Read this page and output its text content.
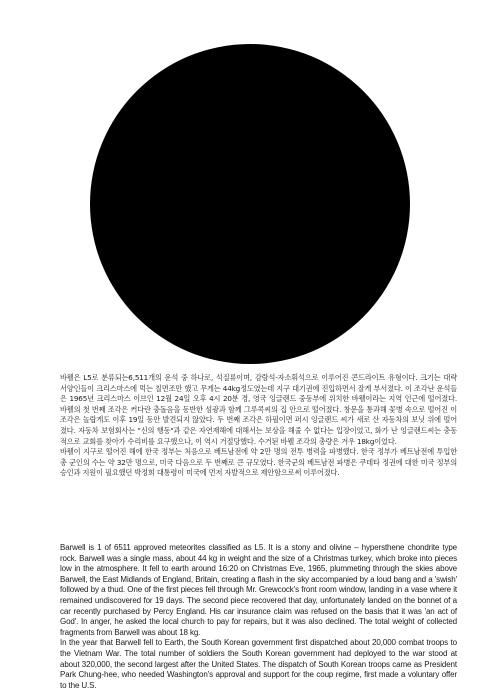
바웰은 L5로 분류되는6,511개의 운석 중 하나로, 석질류이며, 감람석-자소휘석으로 이루어진 콘드라이트 유형이다. 크기는 대략 서양인들이 크리스마스에 먹는 칠면조만 했고 무게는 44kg정도였는데 지구 대기권에 진입하면서 잘게 부서졌다. 이 조각난 운석들은 1965년 크리스마스 이브인 12월 24일 오후 4시 20분 경, 영국 잉글랜드 중동부에 위치한 바웰이라는 지역 인근에 떨어졌다. 바웰의 첫 번째 조각은 커다란 충돌음을 동반한 섬광과 함께 그루콕씨의 집 안으로 떨어졌다. 창문을 통과해 꽃병 속으로 떨어진 이 조각은 놀랍게도 이후 19일 동안 발견되지 않았다. 두 번째 조각은 하필이면 퍼시 잉글랜드 씨가 새로 산 자동차의 보닛 위에 떨어졌다. 자동차 보험회사는 "신의 행동"과 같은 자연재해에 대해서는 보상을 해줄 수 없다는 입장이었고, 화가 난 잉글랜드씨는 충동적으로 교회를 찾아가 수리비를 요구했으나, 이 역시 거절당했다. 수거된 바웰 조각의 총량은 겨우 18kg이었다.

바웰이 지구로 떨어진 해에 한국 정부는 처음으로 베트남전에 약 2만 명의 전투 병력을 파병했다. 한국 정부가 베트남전에 투입한 총 군인의 수는 약 32만 명으로, 미국 다음으로 두 번째로 큰 규모였다. 한국군의 베트남전 파병은 쿠데타 정권에 대한 미국 정부의 승인과 지원이 필요했던 박정희 대통령이 미국에 먼저 자발적으로 제안함으로써 이루어졌다.

Barwell is 1 of 6511 approved meteorites classified as L5. It is a stony and olivine – hypersthene chondrite type rock. Barwell was a single mass, about 44 kg in weight and the size of a Christmas turkey, which broke into pieces low in the atmosphere. It fell to earth around 16:20 on Christmas Eve, 1965, plummeting through the skies above Barwell, the East Midlands of England, Britain, creating a flash in the sky accompanied by a loud bang and a 'swish' followed by a thud. One of the first pieces fell through Mr. Grewcock's front room window, landing in a vase where it remained undiscovered for 19 days. The second piece recovered that day, unfortunately landed on the bonnet of a car recently purchased by Percy England. His car insurance claim was refused on the basis that it was 'an act of God'. In anger, he asked the local church to pay for repairs, but it was also declined. The total weight of collected fragments from Barwell was about 18 kg.

In the year that Barwell fell to Earth, the South Korean government first dispatched about 20,000 combat troops to the Vietnam War. The total number of soldiers the South Korean government had deployed to the war stood at about 320,000, the second largest after the United States. The dispatch of South Korean troops came as President Park Chung-hee, who needed Washington's approval and support for the coup regime, first made a voluntary offer to the U.S.
